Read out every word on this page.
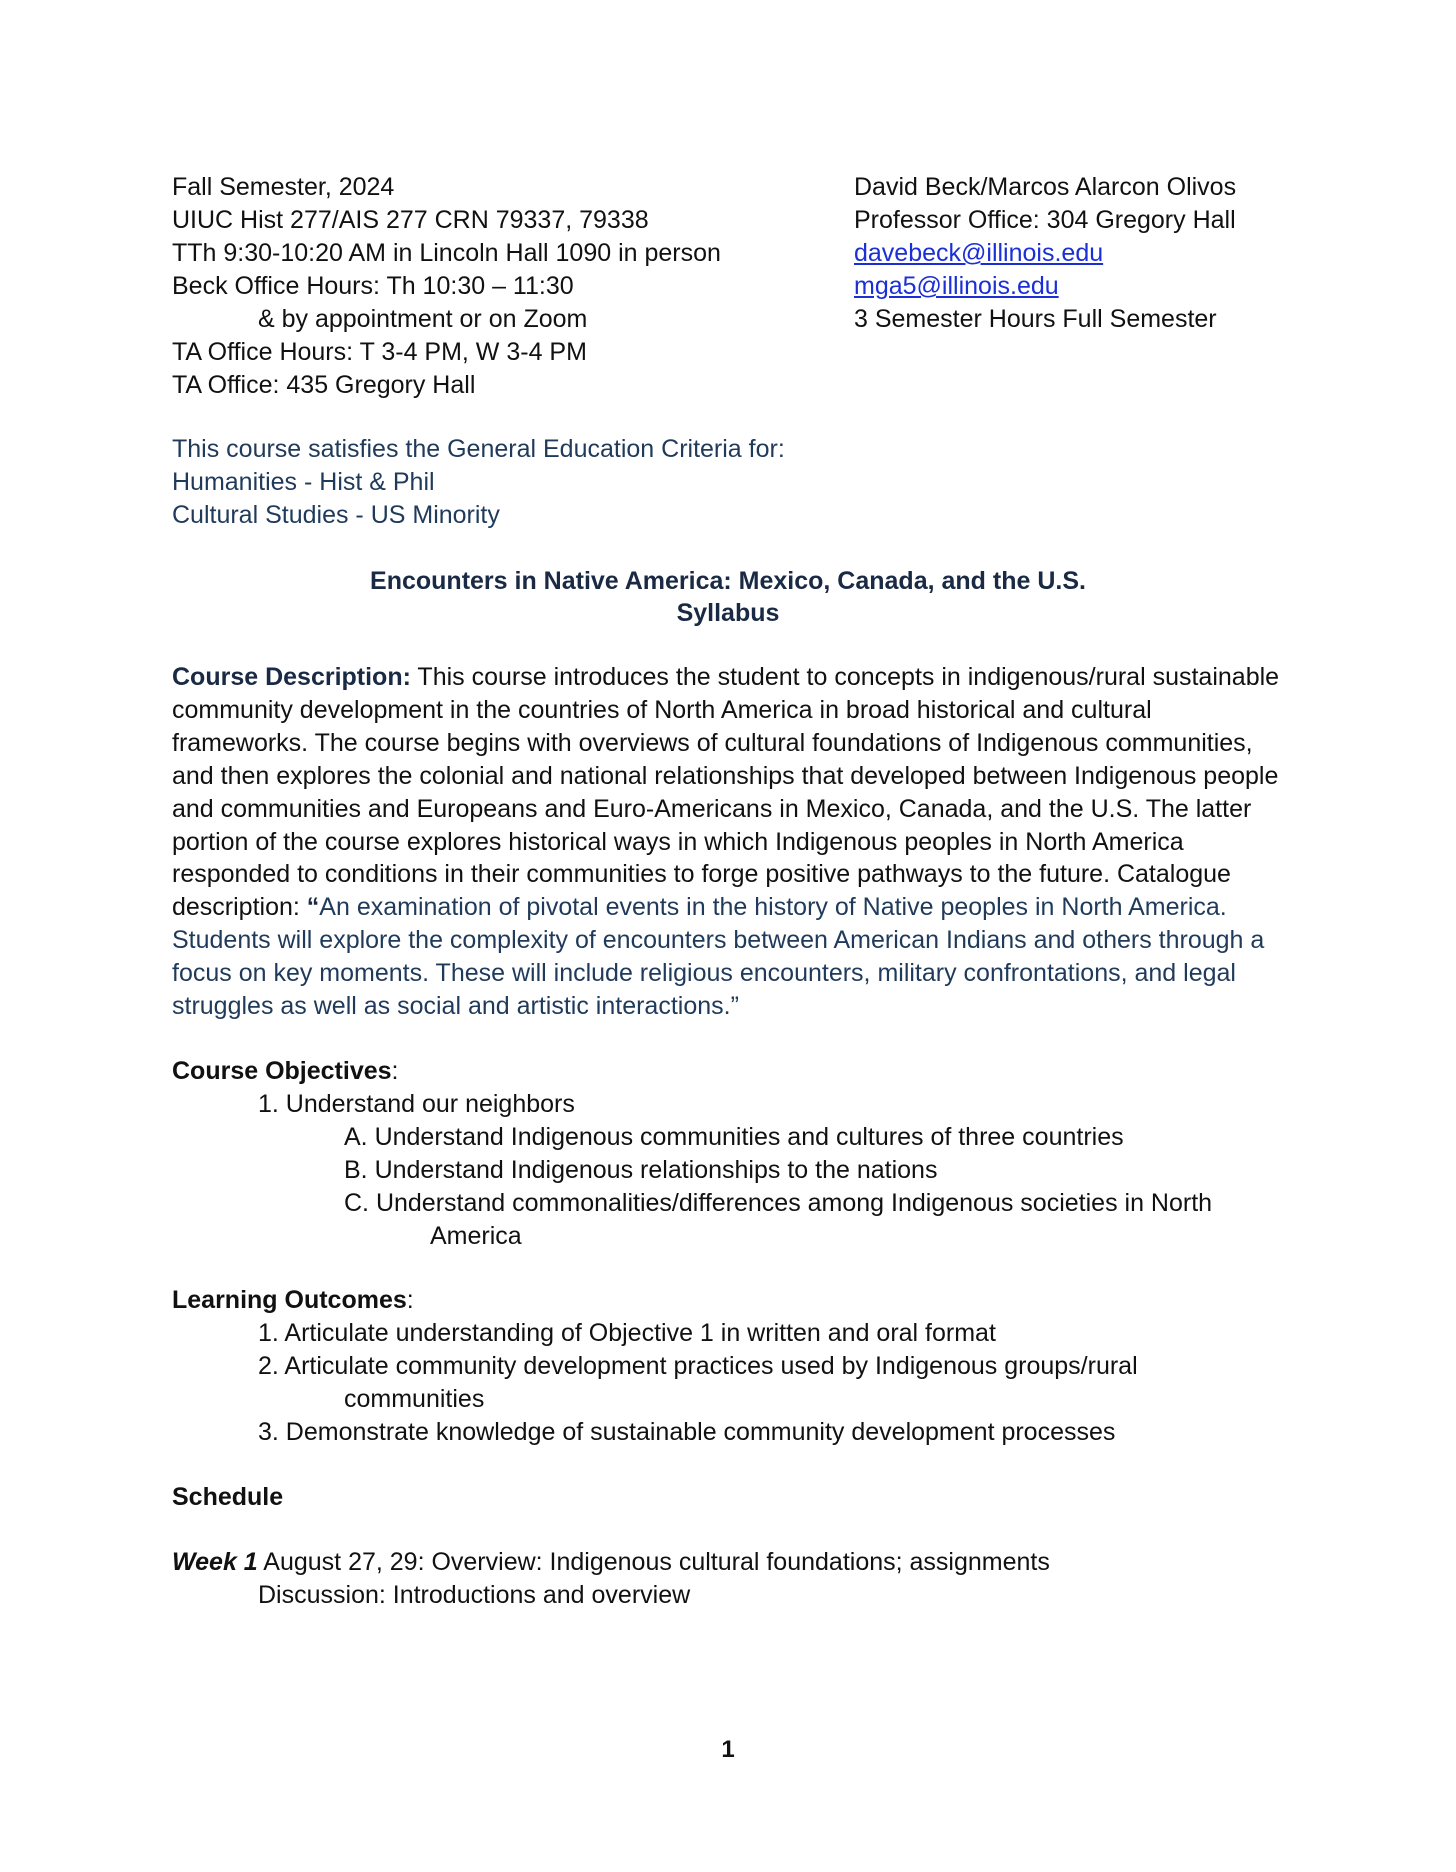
Fall Semester, 2024
UIUC Hist 277/AIS 277 CRN 79337, 79338
TTh 9:30-10:20 AM in Lincoln Hall 1090 in person
Beck Office Hours: Th 10:30 – 11:30
& by appointment or on Zoom
TA Office Hours: T 3-4 PM, W 3-4 PM
TA Office: 435 Gregory Hall
David Beck/Marcos Alarcon Olivos
Professor Office: 304 Gregory Hall
davebeck@illinois.edu
mga5@illinois.edu
3 Semester Hours Full Semester
This course satisfies the General Education Criteria for:
Humanities - Hist & Phil
Cultural Studies - US Minority
Encounters in Native America: Mexico, Canada, and the U.S.
Syllabus
Course Description: This course introduces the student to concepts in indigenous/rural sustainable community development in the countries of North America in broad historical and cultural frameworks. The course begins with overviews of cultural foundations of Indigenous communities, and then explores the colonial and national relationships that developed between Indigenous people and communities and Europeans and Euro-Americans in Mexico, Canada, and the U.S. The latter portion of the course explores historical ways in which Indigenous peoples in North America responded to conditions in their communities to forge positive pathways to the future. Catalogue description: “An examination of pivotal events in the history of Native peoples in North America. Students will explore the complexity of encounters between American Indians and others through a focus on key moments. These will include religious encounters, military confrontations, and legal struggles as well as social and artistic interactions.”
Course Objectives:
1. Understand our neighbors
A. Understand Indigenous communities and cultures of three countries
B. Understand Indigenous relationships to the nations
C. Understand commonalities/differences among Indigenous societies in North
America
Learning Outcomes:
1. Articulate understanding of Objective 1 in written and oral format
2. Articulate community development practices used by Indigenous groups/rural
communities
3. Demonstrate knowledge of sustainable community development processes
Schedule
Week 1 August 27, 29: Overview: Indigenous cultural foundations; assignments
Discussion: Introductions and overview
1
